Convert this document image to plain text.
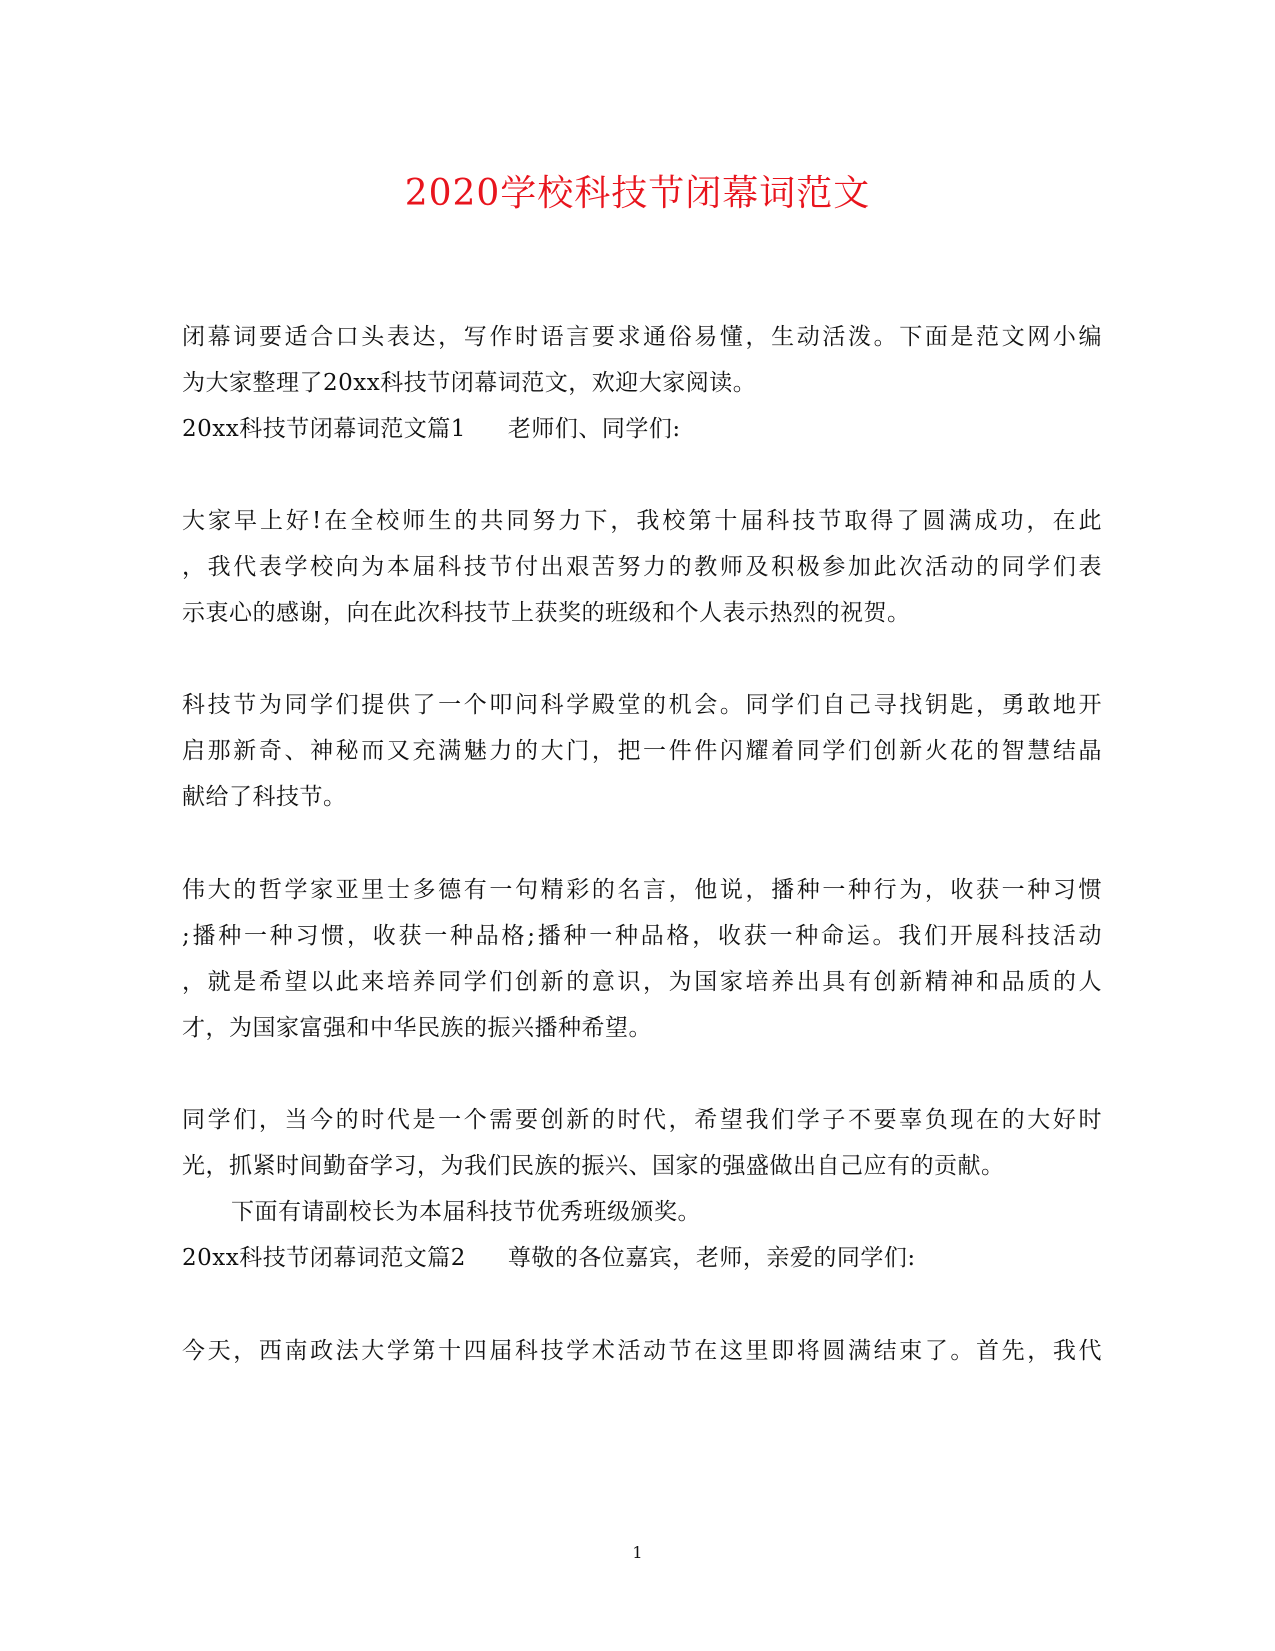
2020学校科技节闭幕词范文
闭幕词要适合口头表达，写作时语言要求通俗易懂，生动活泼。下面是范文网小编
为大家整理了20xx科技节闭幕词范文，欢迎大家阅读。
20xx科技节闭幕词范文篇1 老师们、同学们:
大家早上好!在全校师生的共同努力下，我校第十届科技节取得了圆满成功，在此
，我代表学校向为本届科技节付出艰苦努力的教师及积极参加此次活动的同学们表
示衷心的感谢，向在此次科技节上获奖的班级和个人表示热烈的祝贺。
科技节为同学们提供了一个叩问科学殿堂的机会。同学们自己寻找钥匙，勇敢地开
启那新奇、神秘而又充满魅力的大门，把一件件闪耀着同学们创新火花的智慧结晶
献给了科技节。
伟大的哲学家亚里士多德有一句精彩的名言，他说，播种一种行为，收获一种习惯
;播种一种习惯，收获一种品格;播种一种品格，收获一种命运。我们开展科技活动
，就是希望以此来培养同学们创新的意识，为国家培养出具有创新精神和品质的人
才，为国家富强和中华民族的振兴播种希望。
同学们，当今的时代是一个需要创新的时代，希望我们学子不要辜负现在的大好时
光，抓紧时间勤奋学习，为我们民族的振兴、国家的强盛做出自己应有的贡献。
下面有请副校长为本届科技节优秀班级颁奖。
20xx科技节闭幕词范文篇2 尊敬的各位嘉宾，老师，亲爱的同学们:
今天，西南政法大学第十四届科技学术活动节在这里即将圆满结束了。首先，我代
1
